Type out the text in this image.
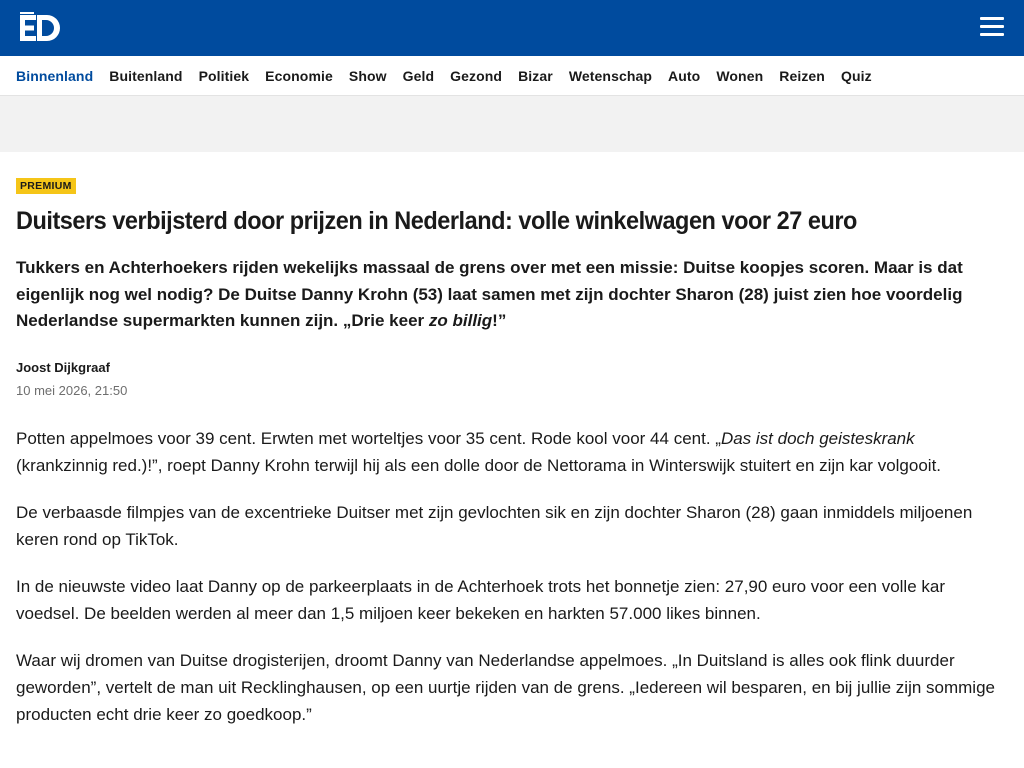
Binnenland Buitenland Politiek Economie Show Geld Gezond Bizar Wetenschap Auto Wonen Reizen Quiz
PREMIUM
Duitsers verbijsterd door prijzen in Nederland: volle winkelwagen voor 27 euro

Tukkers en Achterhoekers rijden wekelijks massaal de grens over met een missie: Duitse koopjes scoren. Maar is dat eigenlijk nog wel nodig? De Duitse Danny Krohn (53) laat samen met zijn dochter Sharon (28) juist zien hoe voordelig Nederlandse supermarkten kunnen zijn. „Drie keer zo billig!”

Joost Dijkgraaf
10 mei 2026, 21:50

Potten appelmoes voor 39 cent. Erwten met worteltjes voor 35 cent. Rode kool voor 44 cent. „Das ist doch geisteskrank (krankzinnig red.)!”, roept Danny Krohn terwijl hij als een dolle door de Nettorama in Winterswijk stuitert en zijn kar volgooit.

De verbaasde filmpjes van de excentrieke Duitser met zijn gevlochten sik en zijn dochter Sharon (28) gaan inmiddels miljoenen keren rond op TikTok.

In de nieuwste video laat Danny op de parkeerplaats in de Achterhoek trots het bonnetje zien: 27,90 euro voor een volle kar voedsel. De beelden werden al meer dan 1,5 miljoen keer bekeken en harkten 57.000 likes binnen.

Waar wij dromen van Duitse drogisterijen, droomt Danny van Nederlandse appelmoes. „In Duitsland is alles ook flink duurder geworden”, vertelt de man uit Recklinghausen, op een uurtje rijden van de grens. „Iedereen wil besparen, en bij jullie zijn sommige producten echt drie keer zo goedkoop.”
